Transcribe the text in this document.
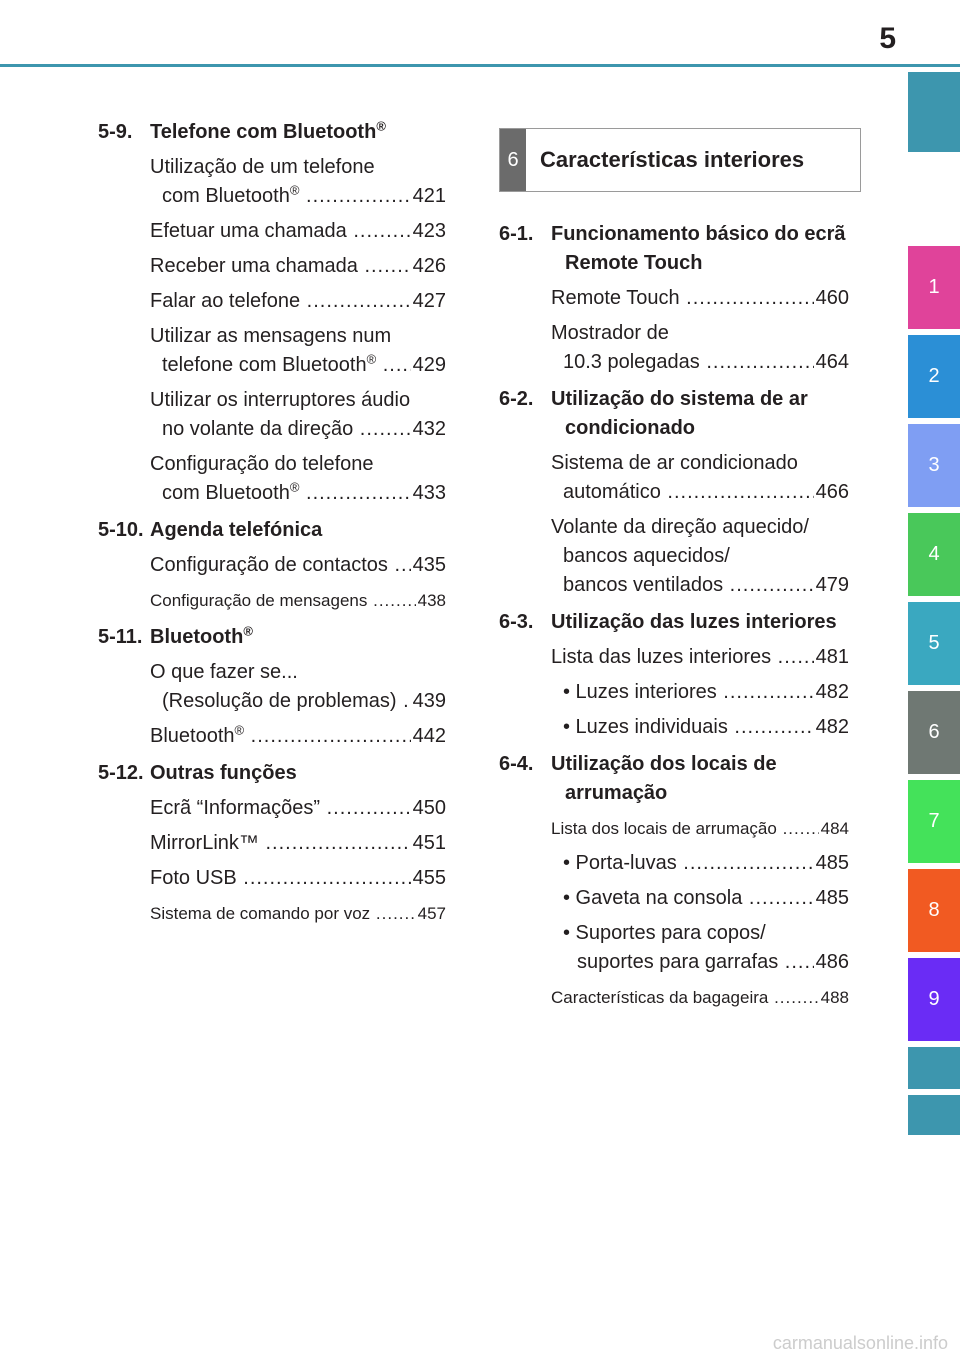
5
1
2
3
4
5
6
7
8
9
5-9. Telefone com Bluetooth®
Utilização de um telefone
com Bluetooth® .....	421
Efetuar uma chamada .....	423
Receber uma chamada .....	426
Falar ao telefone .....	427
Utilizar as mensagens num
telefone com Bluetooth® .....	429
Utilizar os interruptores áudio
no volante da direção .....	432
Configuração do telefone
com Bluetooth® .....	433
5-10. Agenda telefónica
Configuração de contactos .....	435
Configuração de mensagens .....	438
5-11. Bluetooth®
O que fazer se...
(Resolução de problemas) ..... 439
Bluetooth® .....	442
5-12. Outras funções
Ecrã “Informações” .....	450
MirrorLink™ .....	451
Foto USB .....	455
Sistema de comando por voz .....	457
6 Características interiores
6-1. Funcionamento básico do ecrã
Remote Touch
Remote Touch .....	460
Mostrador de
10.3 polegadas .....	464
6-2. Utilização do sistema de ar
condicionado
Sistema de ar condicionado
automático .....	466
Volante da direção aquecido/
bancos aquecidos/
bancos ventilados .....	479
6-3. Utilização das luzes interiores
Lista das luzes interiores .....	481
• Luzes interiores .....	482
• Luzes individuais .....	482
6-4. Utilização dos locais de
arrumação
Lista dos locais de arrumação .....	484
• Porta-luvas .....	485
• Gaveta na consola .....	485
• Suportes para copos/
suportes para garrafas .....	486
Características da bagageira .....	488
carmanualsonline.info
